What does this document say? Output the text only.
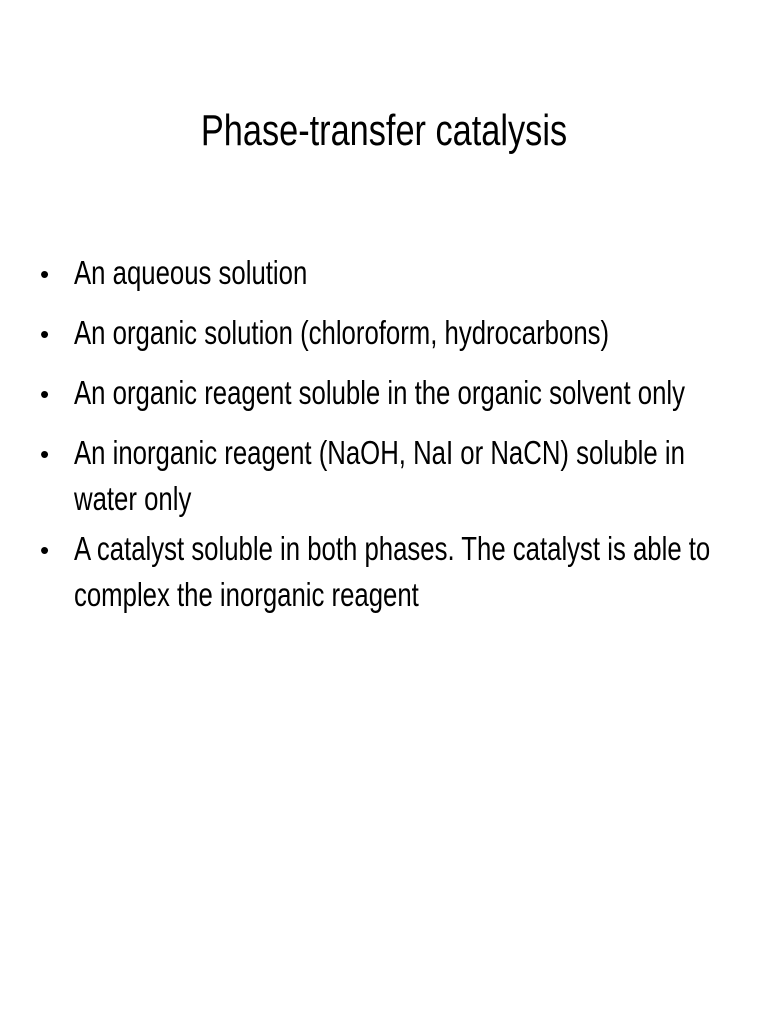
Phase-transfer catalysis
• An aqueous solution
• An organic solution (chloroform, hydrocarbons)
• An organic reagent soluble in the organic solvent only
• An inorganic reagent (NaOH, NaI or NaCN) soluble in water only
• A catalyst soluble in both phases. The catalyst is able to complex the inorganic reagent
